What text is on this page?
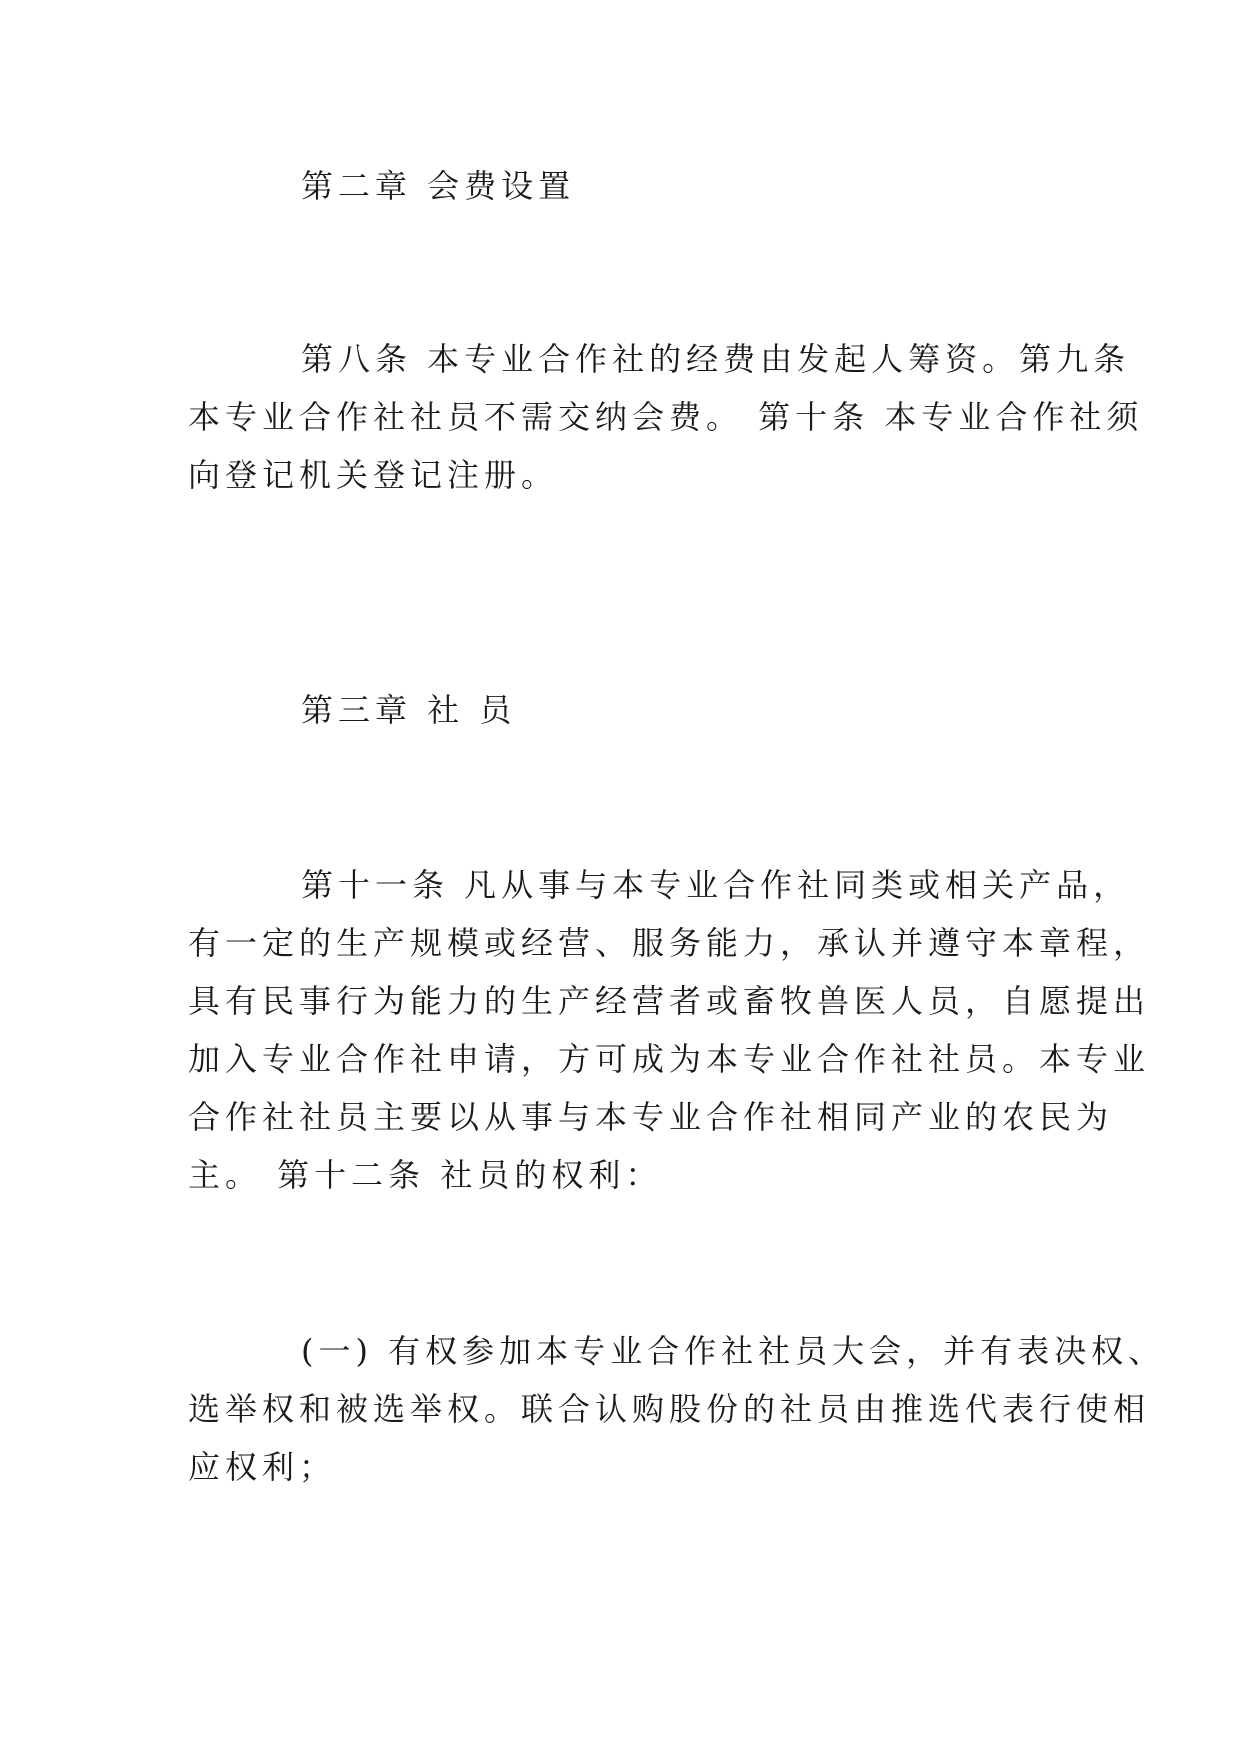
第二章 会费设置

第八条 本专业合作社的经费由发起人筹资。第九条
本专业合作社社员不需交纳会费。 第十条 本专业合作社须
向登记机关登记注册。

第三章 社 员

第十一条 凡从事与本专业合作社同类或相关产品，
有一定的生产规模或经营、服务能力，承认并遵守本章程，
具有民事行为能力的生产经营者或畜牧兽医人员，自愿提出
加入专业合作社申请，方可成为本专业合作社社员。本专业
合作社社员主要以从事与本专业合作社相同产业的农民为
主。 第十二条 社员的权利：

(一) 有权参加本专业合作社社员大会，并有表决权、
选举权和被选举权。联合认购股份的社员由推选代表行使相
应权利；
